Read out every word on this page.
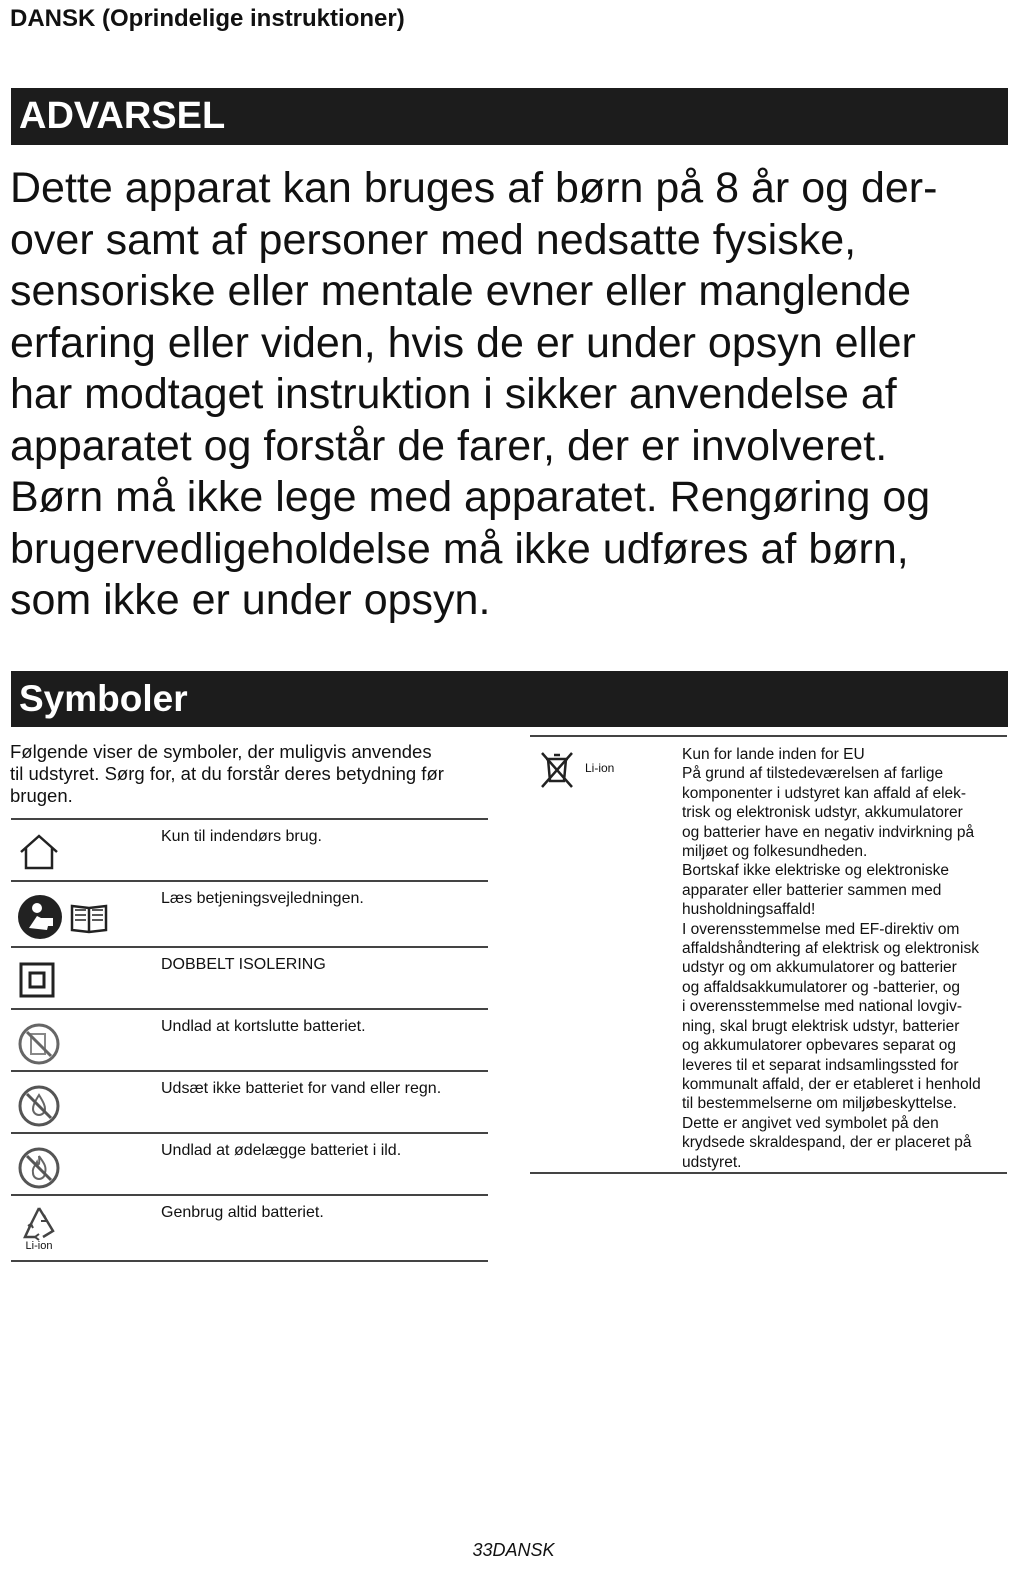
DANSK (Oprindelige instruktioner)
ADVARSEL
Dette apparat kan bruges af børn på 8 år og der-
over samt af personer med nedsatte fysiske,
sensoriske eller mentale evner eller manglende
erfaring eller viden, hvis de er under opsyn eller
har modtaget instruktion i sikker anvendelse af
apparatet og forstår de farer, der er involveret.
Børn må ikke lege med apparatet. Rengøring og
brugervedligeholdelse må ikke udføres af børn,
som ikke er under opsyn.
Symboler
Følgende viser de symboler, der muligvis anvendes
til udstyret. Sørg for, at du forstår deres betydning før
brugen.
Kun til indendørs brug.
Læs betjeningsvejledningen.
DOBBELT ISOLERING
Undlad at kortslutte batteriet.
Udsæt ikke batteriet for vand eller regn.
Undlad at ødelægge batteriet i ild.
Li-ion
Genbrug altid batteriet.
Li-ion
Kun for lande inden for EU
På grund af tilstedeværelsen af farlige
komponenter i udstyret kan affald af elek-
trisk og elektronisk udstyr, akkumulatorer
og batterier have en negativ indvirkning på
miljøet og folkesundheden.
Bortskaf ikke elektriske og elektroniske
apparater eller batterier sammen med
husholdningsaffald!
I overensstemmelse med EF-direktiv om
affaldshåndtering af elektrisk og elektronisk
udstyr og om akkumulatorer og batterier
og affaldsakkumulatorer og -batterier, og
i overensstemmelse med national lovgiv-
ning, skal brugt elektrisk udstyr, batterier
og akkumulatorer opbevares separat og
leveres til et separat indsamlingssted for
kommunalt affald, der er etableret i henhold
til bestemmelserne om miljøbeskyttelse.
Dette er angivet ved symbolet på den
krydsede skraldespand, der er placeret på
udstyret.
33DANSK
